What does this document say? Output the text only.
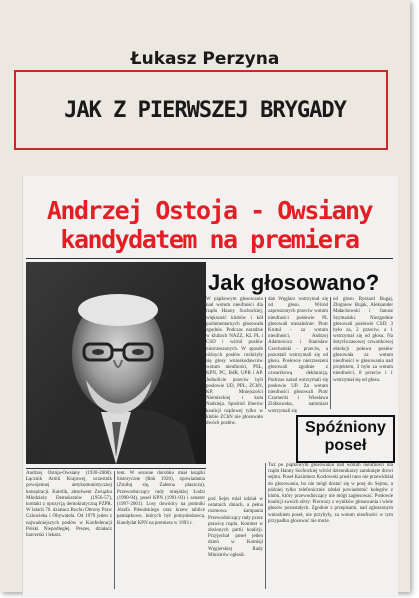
Łukasz Perzyna
JAK Z PIERWSZEJ BRYGADY
Andrzej Ostoja - Owsiany
kandydatem na premiera
Jak głosowano?
W piątkowym głosowaniu nad wotum nieufności dla rządu Hanny Suchockiej, większość klubów i kół parlamentarnych głosowała zgodnie. Podczas naradzie w klubach NAZZ, KL PL i CSD i wśród posłów niezrzeszonych. W sposób różnych posłów rozłożyły się głosy wnioskodawców wotum nieufności, PSL, KPN, PC, BdR, UPR i AP. Jednolicie przeciw byli posłowie UD, PPL, ZChN, KP, Mniejszości Niemieckiej i koła Nadzieja. Spośród liberów koalicji rządowej tylko w klubie ZChN nie głosowało dwóch posłów.
dan Węglarz wstrzymał się od głosu. Wśród zaproszonych przeciw wotum nieufności posłowie PL głosowali niezależnie: Piotr Krutul - za wotum nieufności, Andrzej Adamowicz i Stanisław Czechoński - przeciw, a pozostali wstrzymali się od głosu. Posłowie niezrzeszeni głosowali zgodnie z czwartkową deklaracją. Podczas narad wstrzymali się posłowie UP. Za wotum nieufności głosowali Piotr Czarnecki i Wiesława Ziółkowska, natomiast wstrzymali się
od głosu Ryszard Bugaj, Zbigniew Bujak, Aleksander Małachowski i Janusz Szymański. Niezgodnie głosowali posłowie CSD: 3 było za, 2 przeciw, a 1 wstrzymał się od głosu. Na dotychczasowej czwartkowej obiekcji połowa posłów głosowała za wotum nieufności w głosowaniu nad projektem, 3 było za wotum nieufności, 8 przeciw i 1 wstrzymał się od głosu.
Spóźniony
poseł
Andrzej Ostoja-Owsiany (1930-2008). Łącznik Armii Krajowej, uczestnik powojennej antykomunistycznej konspiracji. Katolik, absolwent Związku Młodzieży Demokratów (1956-57), kontakt z opozycją demokratyczną PZPR. W latach 70. działacz Ruchu Obrony Praw Człowieka i Obywatela. Od 1979 jeden z najważniejszych posłów w Konfederacji Polski Niepodległej. Prezes, działacz harcerski i lekarz.
tent. W sezonie dorobku miał książki historyczne (Rok 1920), opowiadania (Zmiłuj się, Zalesna płaszcza), Przewodniczący rady miejskiej Łodzi (1990-94), poseł KPN (1991-93) i senator (1997-2001). Losy dowódcy na pomniki Józefa Piłsudskiego oraz krzew tablice pamiątkowe, których był pomysłodawcą. Kandydat KPN na premiera w 1993 r.
pod Sejm miał udział w ostatnich dniach, a pełna rozmowa kampania Przewodniczący rady przez prawicę rządu. Komitet w złożonych partii koalicji. Przyjechał poseł jeden dzień w Komisji Węgierskiej Rady Ministrów ogłosił.
Tuż po piątkowym głosowaniu nad wotum nieufności dla rządu Hanny Suchockiej wśród dziennikarzy zamknięte drzwi sejmu. Poseł Kazimierz Kozłowski prosił rano nie przewidział do głosowania, bo nie mógł dostać się w porę do Sejmu, a później tylko telefonicznie zdołał powiadomić kolegów z klubu, który przewodniczący nie mógł zagłosować. Posłowie koalicji swoich sfery: Pierwszy z wyników głosowania i wiele głosów pozostałych. Zgodnie z przepisami, nad zgłoszonym wnioskiem poseł, nie przybyły, za wotum nieufności w tym przypadku głosować nie może.
